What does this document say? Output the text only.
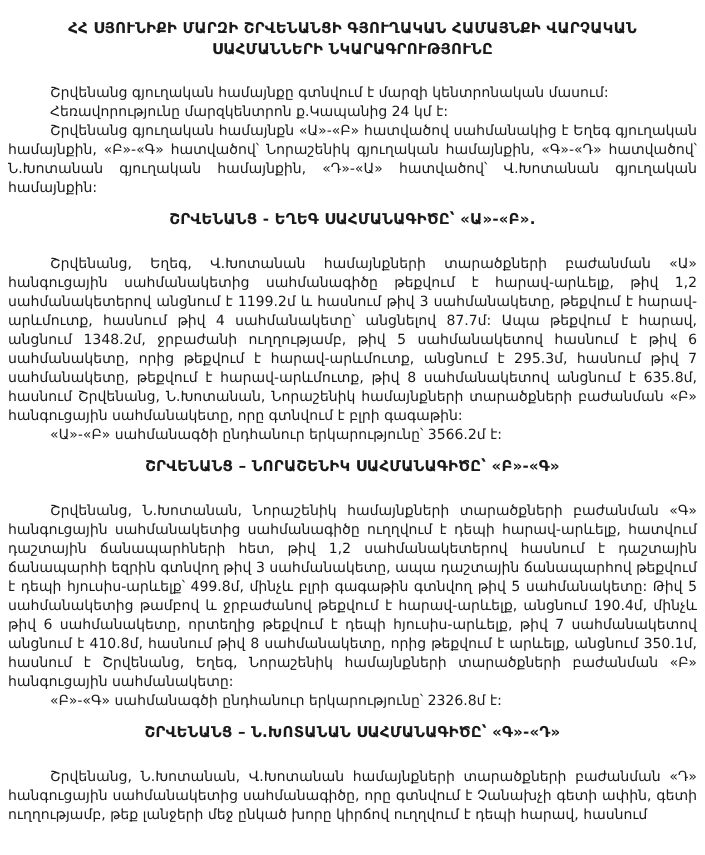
ՀՀ ՍՅՈՒՆԻՔԻ ՄԱՐԶԻ ՇՐՎԵՆԱՆՑԻ ԳՅՈՒՂԱԿԱՆ ՀԱՄԱՅՆՔԻ ՎԱՐՉԱԿԱՆ
ՍԱՀՄԱՆՆԵՐԻ ՆԿԱՐԱԳՐՈՒԹՅՈՒՆԸ

Շրվենանց գյուղական համայնքը գտնվում է մարզի կենտրոնական մասում:

Հեռավորությունը մարզկենտրոն ք.Կապանից 24 կմ է:

Շրվենանց գյուղական համայնքն «Ա»-«Բ» հատվածով սահմանակից է Եղեգ գյուղական համայնքին, «Բ»-«Գ» հատվածով՝ Նորաշենիկ գյուղական համայնքին, «Գ»-«Դ» հատվածով՝ Ն.Խոտանան գյուղական համայնքին, «Դ»-«Ա» հատվածով՝ Վ.Խոտանան գյուղական համայնքին:

ՇՐՎԵՆԱՆՑ - ԵՂԵԳ ՍԱՀՄԱՆԱԳԻԾԸ՝ «Ա»-«Բ».

Շրվենանց, Եղեգ, Վ.Խոտանան համայնքների տարածքների բաժանման «Ա» հանգուցային սահմանակետից սահմանագիծը թեքվում է հարավ-արևելք, թիվ 1,2 սահմանակետերով անցնում է 1199.2մ և հասնում թիվ 3 սահմանակետը, թեքվում է հարավ-արևմուտք, հասնում թիվ 4 սահմանակետը՝ անցնելով 87.7մ: Ապա թեքվում է հարավ, անցնում 1348.2մ, ջրբաժանի ուղղությամբ, թիվ 5 սահմանակետով հասնում է թիվ 6 սահմանակետը, որից թեքվում է հարավ-արևմուտք, անցնում է 295.3մ, հասնում թիվ 7 սահմանակետը, թեքվում է հարավ-արևմուտք, թիվ 8 սահմանակետով անցնում է 635.8մ, հասնում Շրվենանց, Ն.Խոտանան, Նորաշենիկ համայնքների տարածքների բաժանման «Բ» հանգուցային սահմանակետը, որը գտնվում է բլրի գագաթին:

«Ա»-«Բ» սահմանագծի ընդհանուր երկարությունը՝ 3566.2մ է:

ՇՐՎԵՆԱՆՑ – ՆՈՐԱՇԵՆԻԿ ՍԱՀՄԱՆԱԳԻԾԸ՝ «Բ»-«Գ»

Շրվենանց, Ն.Խոտանան, Նորաշենիկ համայնքների տարածքների բաժանման «Գ» հանգուցային սահմանակետից սահմանագիծը ուղղվում է դեպի հարավ-արևելք, հատվում դաշտային ճանապարհների հետ, թիվ 1,2 սահմանակետերով հասնում է դաշտային ճանապարհի եզրին գտնվող թիվ 3 սահմանակետը, ապա դաշտային ճանապարհով թեքվում է դեպի հյուսիս-արևելք՝ 499.8մ, մինչև բլրի գագաթին գտնվող թիվ 5 սահմանակետը: Թիվ 5 սահմանակետից թամբով և ջրբաժանով թեքվում է հարավ-արևելք, անցնում 190.4մ, մինչև թիվ 6 սահմանակետը, որտեղից թեքվում է դեպի հյուսիս-արևելք, թիվ 7 սահմանակետով անցնում է 410.8մ, հասնում թիվ 8 սահմանակետը, որից թեքվում է արևելք, անցնում 350.1մ, հասնում է Շրվենանց, Եղեգ, Նորաշենիկ համայնքների տարածքների բաժանման «Բ» հանգուցային սահմանակետը:

«Բ»-«Գ» սահմանագծի ընդհանուր երկարությունը՝ 2326.8մ է:

ՇՐՎԵՆԱՆՑ – Ն.ԽՈՏԱՆԱՆ ՍԱՀՄԱՆԱԳԻԾԸ՝ «Գ»-«Դ»

Շրվենանց, Ն.Խոտանան, Վ.Խոտանան համայնքների տարածքների բաժանման «Դ» հանգուցային սահմանակետից սահմանագիծը, որը գտնվում է Չանախչի գետի ափին, գետի ուղղությամբ, թեք լանջերի մեջ ընկած խորը կիրճով ուղղվում է դեպի հարավ, հասնում
